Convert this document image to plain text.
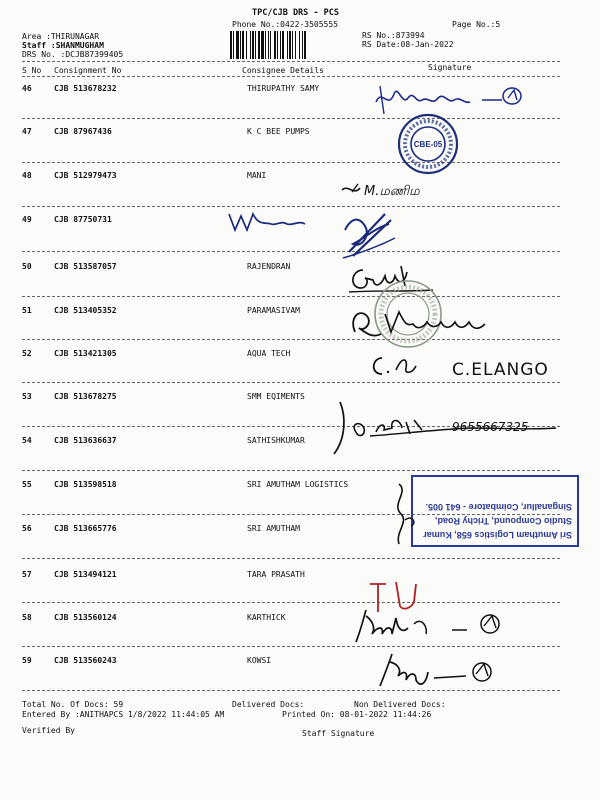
TPC/CJB DRS - PCS
Phone No.:0422-3505555	Page No.:5
Area :THIRUNAGAR
Staff :SHANMUGHAM
DRS No. :DCJB87399405
RS No.:873994
RS Date:08-Jan-2022
S No Consignment No	Consignee Details	Signature
46	CJB 513678232	THIRUPATHY SAMY
47	CJB 87967436	K C BEE PUMPS
48	CJB 512979473	MANI
49	CJB 87750731
50	CJB 513587057	RAJENDRAN
51	CJB 513405352	PARAMASIVAM
52	CJB 513421305	AQUA TECH
53	CJB 513678275	SMM EQIMENTS
54	CJB 513636637	SATHISHKUMAR
55	CJB 513598518	SRI AMUTHAM LOGISTICS
56	CJB 513665776	SRI AMUTHAM
57	CJB 513494121	TARA PRASATH
58	CJB 513560124	KARTHICK
59	CJB 513560243	KOWSI
CBE-05
M.மணிம
C.ELANGO
9655667325
Sri Amutham Logistics 658, Kumar Studio Compound, Trichy Road, Singanallur, Coimbatore - 641 005.
Total No. Of Docs: 59	Delivered Docs:	Non Delivered Docs:
Entered By :ANITHAPCS 1/8/2022 11:44:05 AM	Printed On: 08-01-2022 11:44:26
Verified By	Staff Signature
